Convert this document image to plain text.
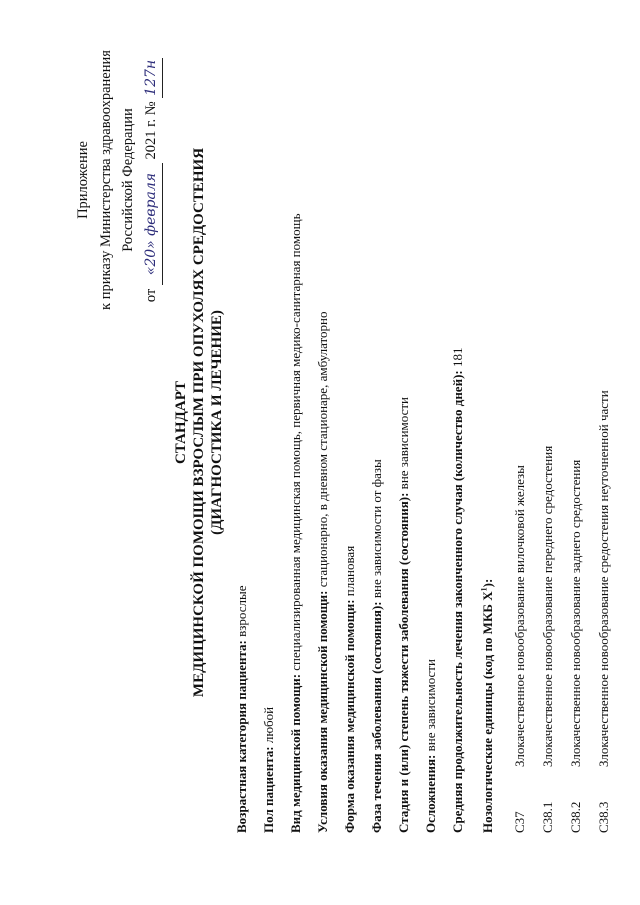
Приложение к приказу Министерства здравоохранения Российской Федерации
от «20» февраля 2021 г. № 127н
СТАНДАРТ МЕДИЦИНСКОЙ ПОМОЩИ ВЗРОСЛЫМ ПРИ ОПУХОЛЯХ СРЕДОСТЕНИЯ (ДИАГНОСТИКА И ЛЕЧЕНИЕ)
Возрастная категория пациента: взрослые
Пол пациента: любой Вид медицинской помощи: специализированная медицинская помощь, первичная медико-санитарная помощь
Условия оказания медицинской помощи: стационарно, в дневном стационаре, амбулаторно
Форма оказания медицинской помощи: плановая
Фаза течения заболевания (состояния): вне зависимости от фазы Стадия и (или) степень тяжести заболевания (состояния): вне зависимости
Осложнения: вне зависимости Средняя продолжительность лечения законченного случая (количество дней): 181
Нозологические единицы (код по МКБ $X^1$):
C37Злокачественное новообразование вилочковой железы
C38.1Злокачественное новообразование переднего средостения
C38.2Злокачественное новообразование заднего средостения
C38.3Злокачественное новообразование средостения неуточненной части
